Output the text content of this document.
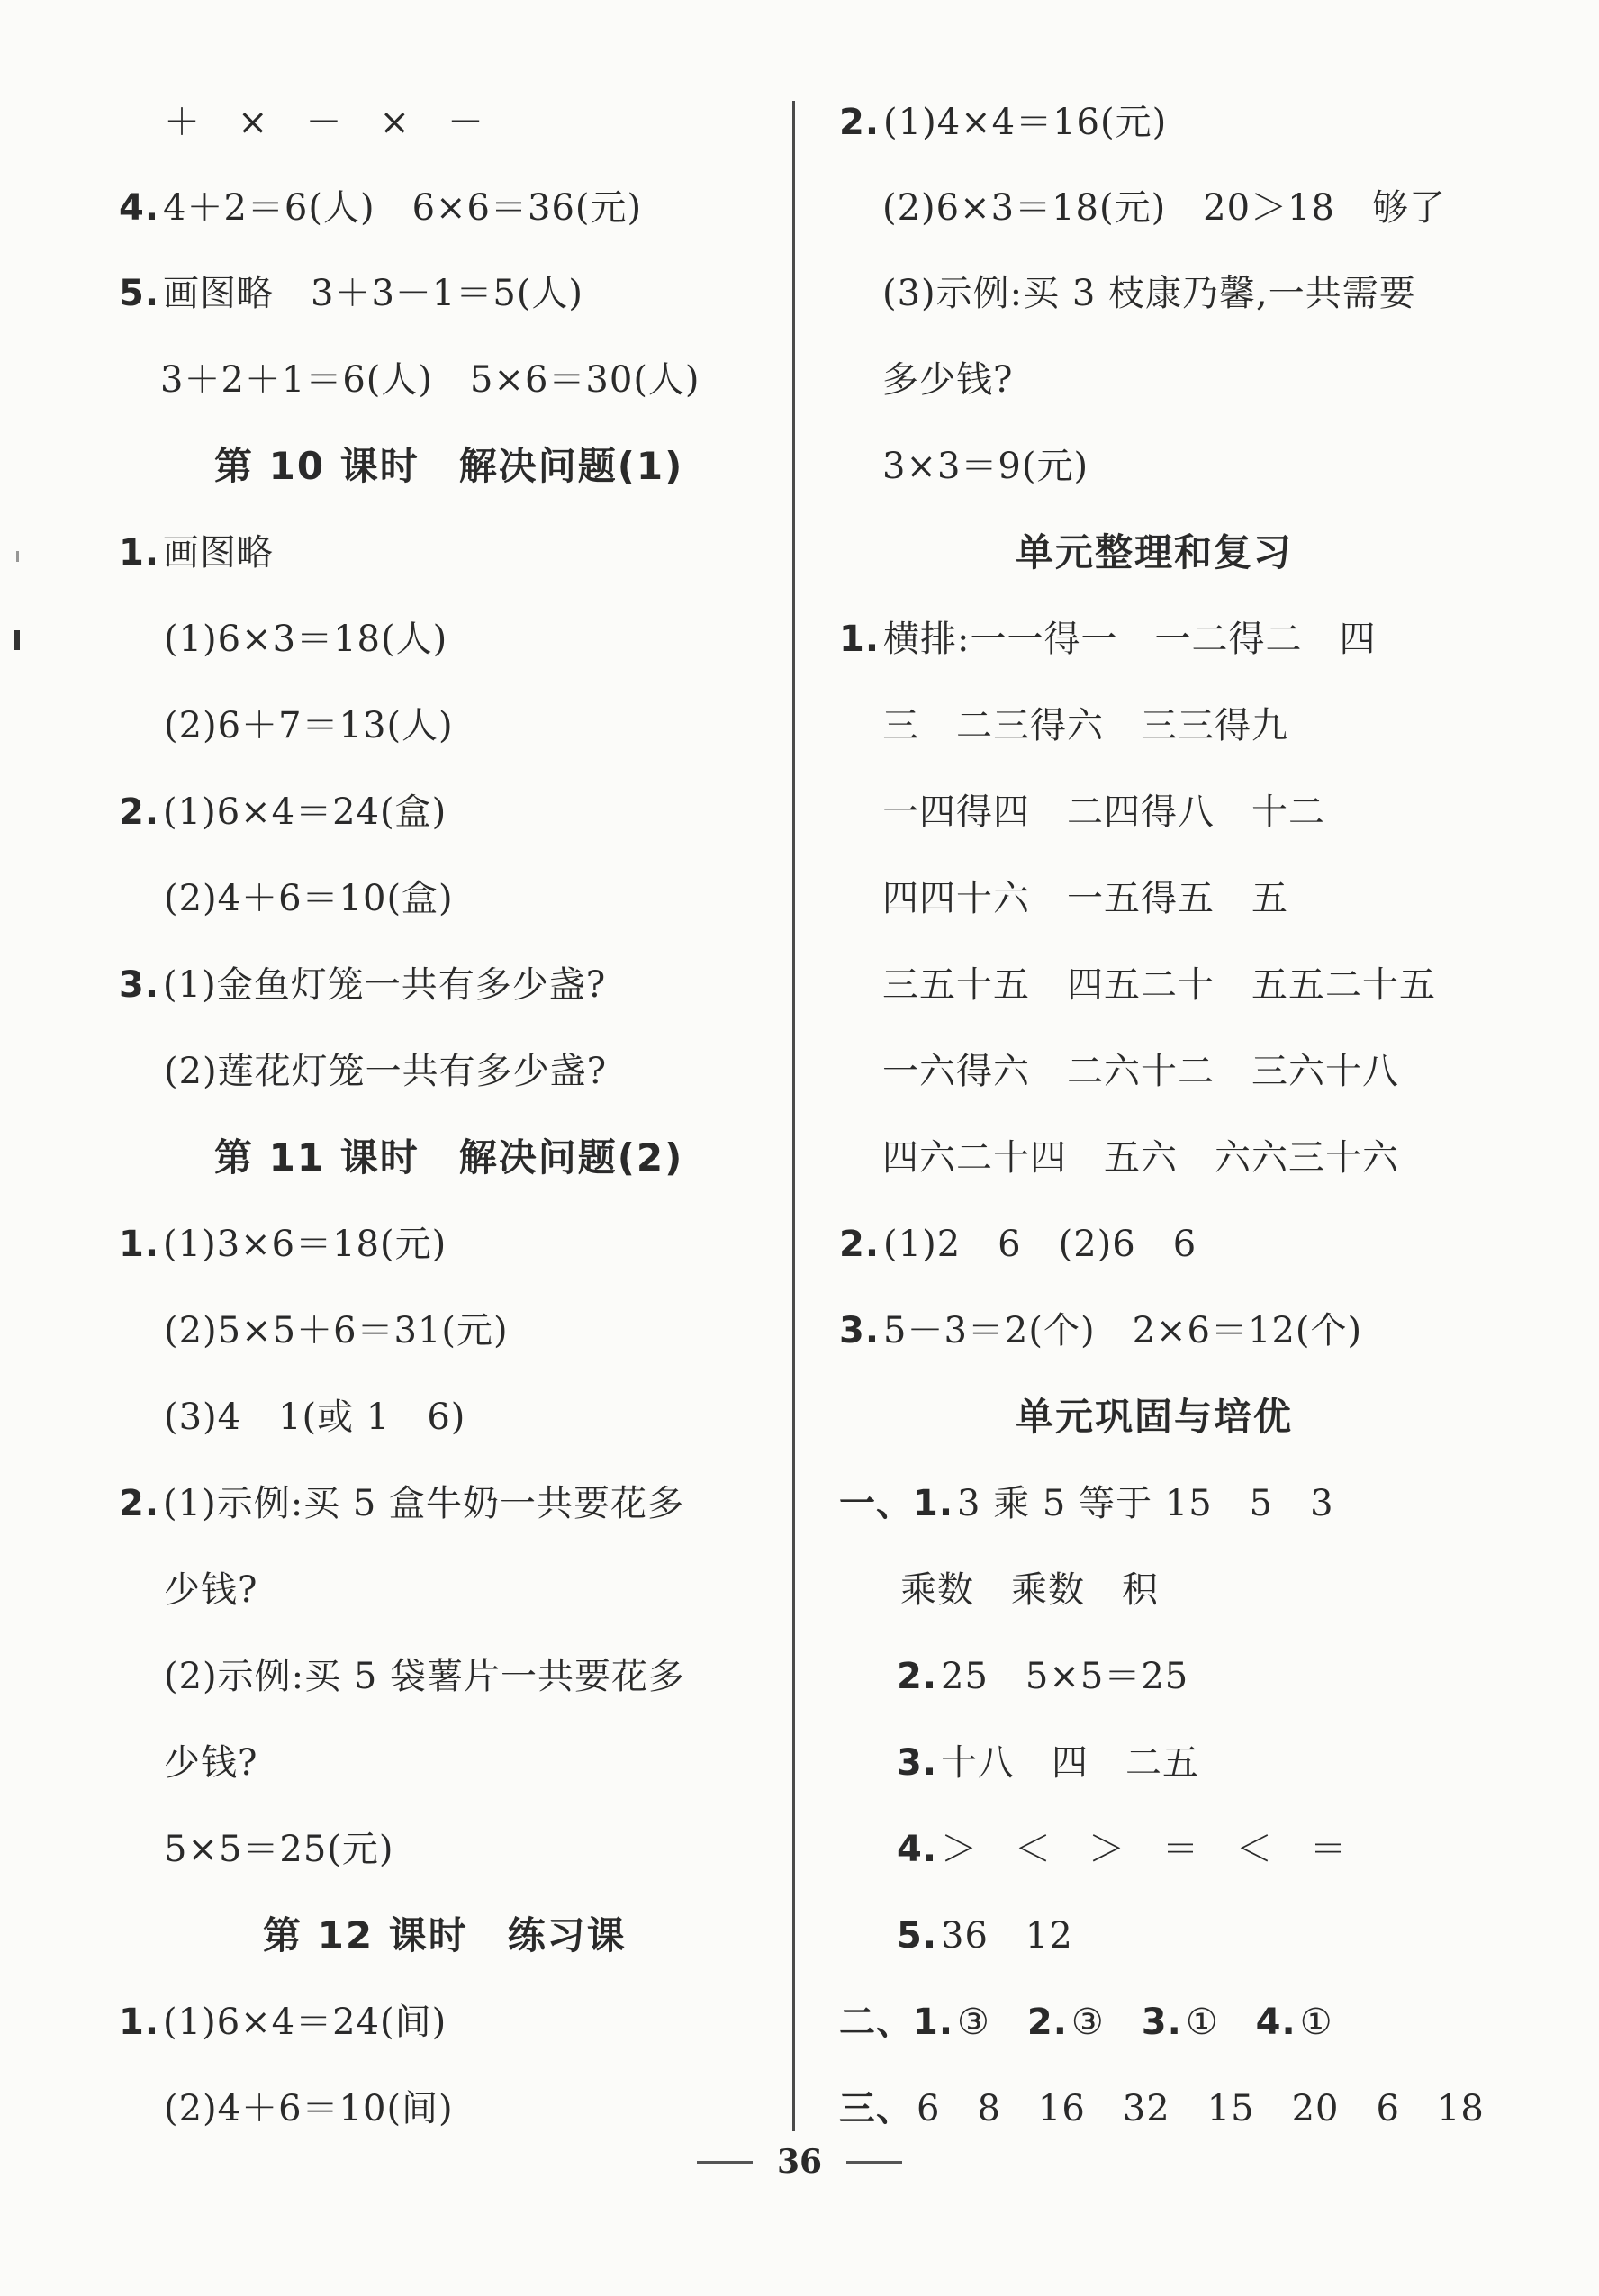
＋　×　－　×　－
4. 4＋2＝6(人)　6×6＝36(元)
5. 画图略　3＋3－1＝5(人)
3＋2＋1＝6(人)　5×6＝30(人)
第 10 课时　解决问题(1)
1. 画图略
(1)6×3＝18(人)
(2)6＋7＝13(人)
2. (1)6×4＝24(盒)
(2)4＋6＝10(盒)
3. (1)金鱼灯笼一共有多少盏?
(2)莲花灯笼一共有多少盏?
第 11 课时　解决问题(2)
1. (1)3×6＝18(元)
(2)5×5＋6＝31(元)
(3)4　1(或 1　6)
2. (1)示例:买 5 盒牛奶一共要花多
少钱?
(2)示例:买 5 袋薯片一共要花多
少钱?
5×5＝25(元)
第 12 课时　练习课
1. (1)6×4＝24(间)
(2)4＋6＝10(间)
2. (1)4×4＝16(元)
(2)6×3＝18(元)　20＞18　够了
(3)示例:买 3 枝康乃馨,一共需要
多少钱?
3×3＝9(元)
单元整理和复习
1. 横排:一一得一　一二得二　四
三　二三得六　三三得九
一四得四　二四得八　十二
四四十六　一五得五　五
三五十五　四五二十　五五二十五
一六得六　二六十二　三六十八
四六二十四　五六　六六三十六
2. (1)2　6　(2)6　6
3. 5－3＝2(个)　2×6＝12(个)
单元巩固与培优
一、1. 3 乘 5 等于 15　5　3
乘数　乘数　积
2. 25　5×5＝25
3. 十八　四　二五
4. ＞　＜　＞　＝　＜　＝
5. 36　12
二、1. ③　 2. ③　 3. ①　 4. ①
三、 6　8　16　32　15　20　6　18
36
